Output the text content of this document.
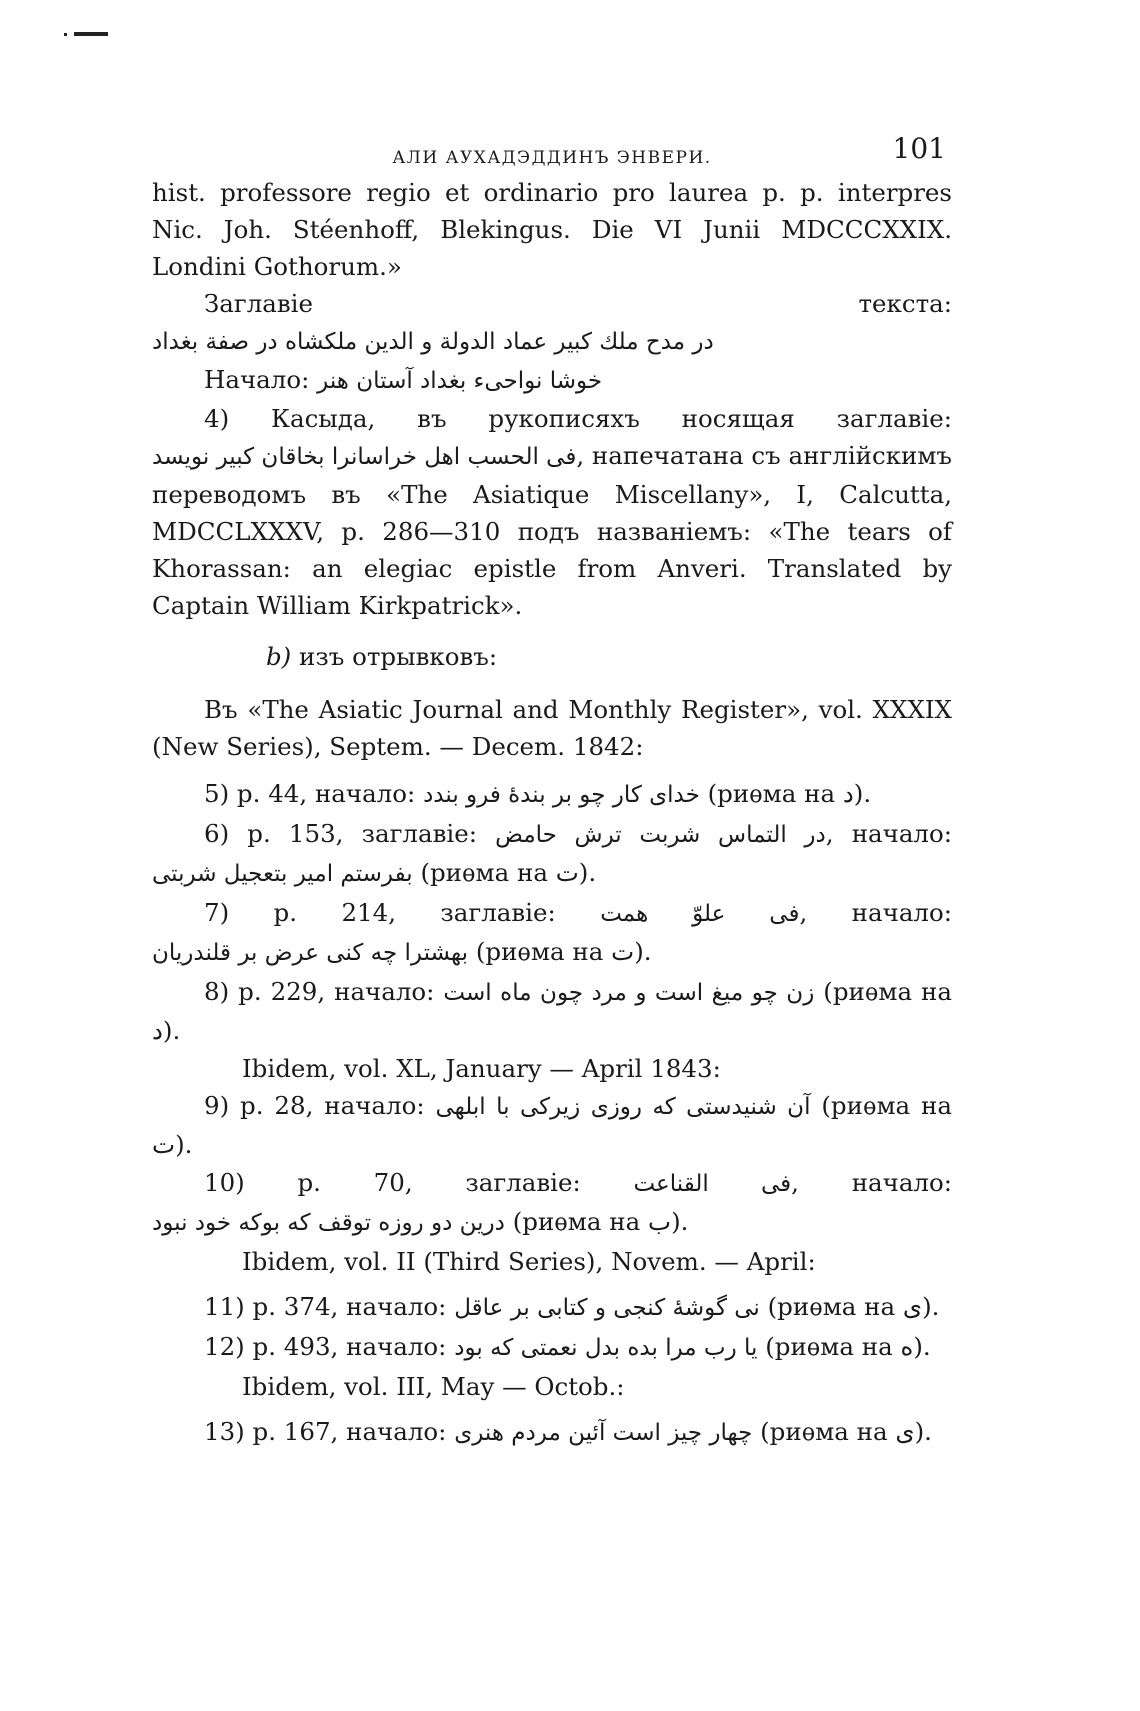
АЛИ АУХАДЭДДИНЪ ЭНВЕРИ.	101

hist. professore regio et ordinario pro laurea p. p. interpres Nic. Joh. Stéenhoff, Blekingus. Die VI Junii MDCCCXXIX. Londini Gothorum.»

Заглавіе текста: در مدح ملك كبير عماد الدولة و الدين ملكشاه در صفة بغداد

Начало: خوشا نواحیء بغداد آستان هنر

4) Касыда, въ рукописяхъ носящая заглавіе: فی الحسب اهل خراسانرا بخاقان کبیر نویسد, напечатана съ англійскимъ переводомъ въ «The Asiatique Miscellany», I, Calcutta, MDCCLXXXV, p. 286—310 подъ названіемъ: «The tears of Khorassan: an elegiac epistle from Anveri. Translated by Captain William Kirkpatrick».

b) изъ отрывковъ:

Въ «The Asiatic Journal and Monthly Register», vol. XXXIX (New Series), Septem. — Decem. 1842:

5) p. 44, начало: خدای کار چو بر بندهٔ فرو بندد (риѳма на د).

6) p. 153, заглавіе: در التماس شربت ترش حامض, начало: بفرستم امیر بتعجیل شربتی (риѳма на ت).

7) p. 214, заглавіе: فی علوّ همت, начало: بهشترا چه کنی عرض بر قلندریان (риѳма на ت).

8) p. 229, начало: زن چو میغ است و مرد چون ماه است (риѳма на د).

Ibidem, vol. XL, January — April 1843:

9) p. 28, начало: آن شنیدستی که روزی زیرکی با ابلهی (риѳма на ت).

10) p. 70, заглавіе: فی القناعت, начало: درین دو روزه توقف که بوکه خود نبود (риѳма на ب).

Ibidem, vol. II (Third Series), Novem. — April:

11) p. 374, начало: نی گوشهٔ کنجی و کتابی بر عاقل (риѳма на ی).

12) p. 493, начало: یا رب مرا بده بدل نعمتی که بود (риѳма на ه).

Ibidem, vol. III, May — Octob.:

13) p. 167, начало: چهار چیز است آئین مردم هنری (риѳма на ی).
